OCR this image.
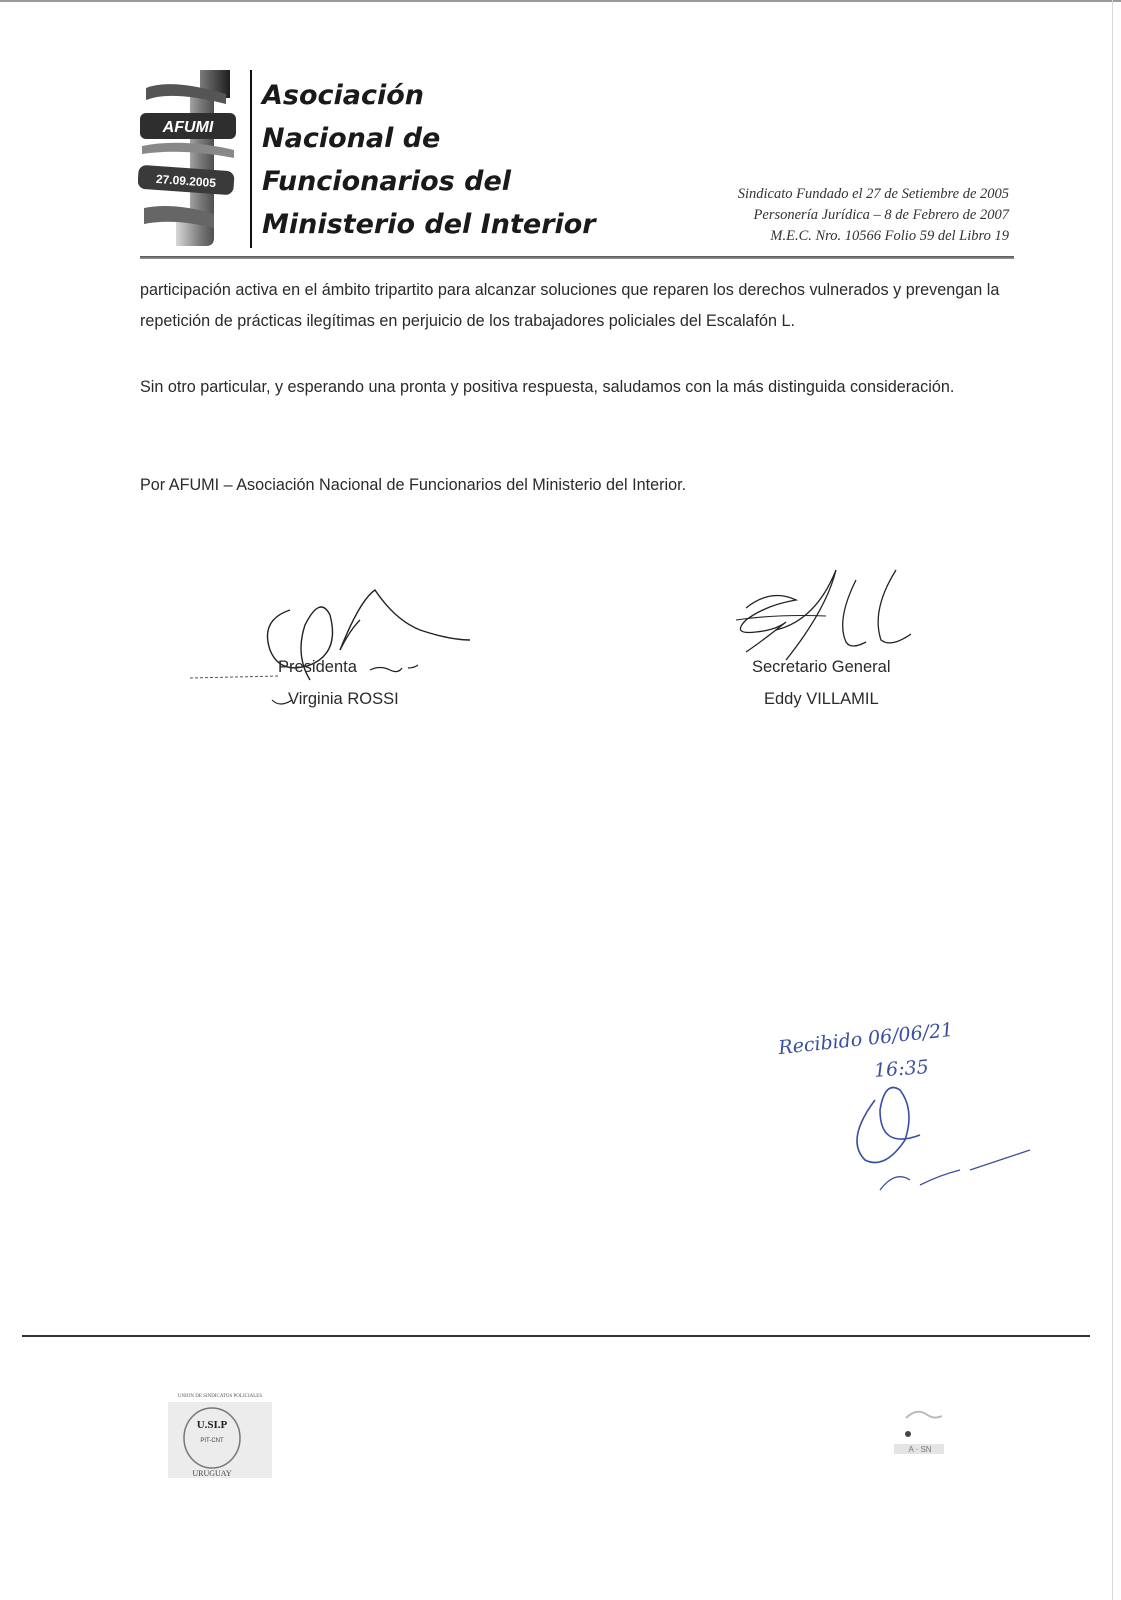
AFUMI
27.09.2005
Asociación
Nacional de
Funcionarios del
Ministerio del Interior
Sindicato Fundado el 27 de Setiembre de 2005
Personería Jurídica – 8 de Febrero de 2007
M.E.C. Nro. 10566 Folio 59 del Libro 19
participación activa en el ámbito tripartito para alcanzar soluciones que reparen los derechos vulnerados y prevengan la repetición de prácticas ilegítimas en perjuicio de los trabajadores policiales del Escalafón L.
Sin otro particular, y esperando una pronta y positiva respuesta, saludamos con la más distinguida consideración.
Por AFUMI – Asociación Nacional de Funcionarios del Ministerio del Interior.
Presidenta
Virginia ROSSI
Secretario General
Eddy VILLAMIL
Recibido 06/06/21
16:35
UNION DE SINDICATOS POLICIALES
U.SI.P
PIT-CNT
URUGUAY
A · SN
